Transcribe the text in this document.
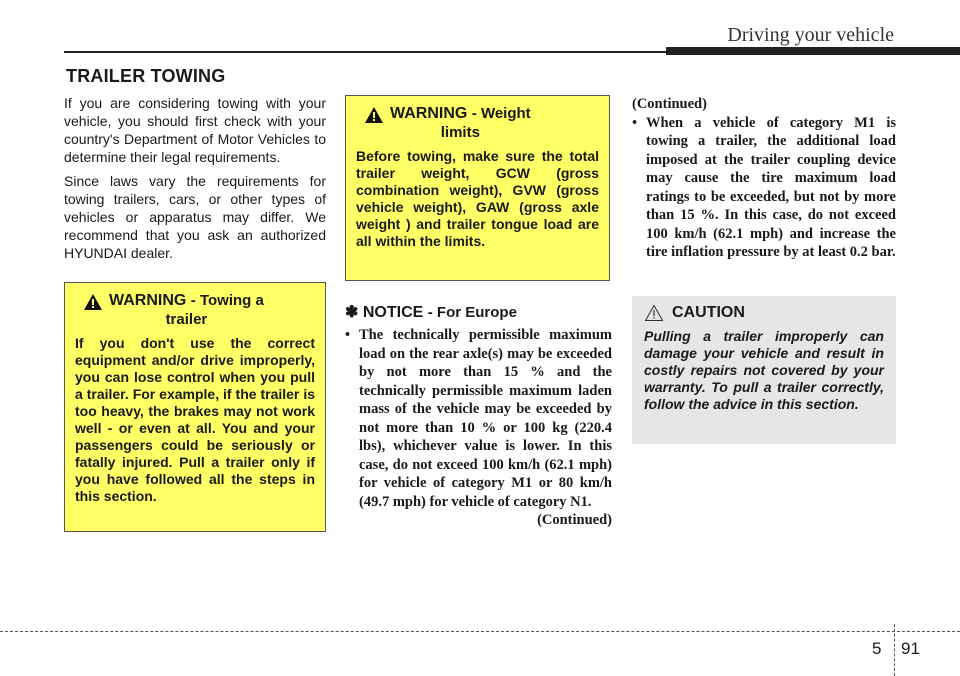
Driving your vehicle
TRAILER TOWING

If you are considering towing with your vehicle, you should first check with your country's Department of Motor Vehicles to determine their legal requirements.

Since laws vary the requirements for towing trailers, cars, or other types of vehicles or apparatus may differ. We recommend that you ask an authorized HYUNDAI dealer.

WARNING - Towing a
trailer
If you don't use the correct equipment and/or drive improperly, you can lose control when you pull a trailer. For example, if the trailer is too heavy, the brakes may not work well - or even at all. You and your passengers could be seriously or fatally injured. Pull a trailer only if you have followed all the steps in this section.
WARNING - Weight
limits
Before towing, make sure the total trailer weight, GCW (gross combination weight), GVW (gross vehicle weight), GAW (gross axle weight ) and trailer tongue load are all within the limits.
✽ NOTICE - For Europe
• The technically permissible maximum load on the rear axle(s) may be exceeded by not more than 15 % and the technically permissible maximum laden mass of the vehicle may be exceeded by not more than 10 % or 100 kg (220.4 lbs), whichever value is lower. In this case, do not exceed 100 km/h (62.1 mph) for vehicle of category M1 or 80 km/h (49.7 mph) for vehicle of category N1.
(Continued)
(Continued)
• When a vehicle of category M1 is towing a trailer, the additional load imposed at the trailer coupling device may cause the tire maximum load ratings to be exceeded, but not by more than 15 %. In this case, do not exceed 100 km/h (62.1 mph) and increase the tire inflation pressure by at least 0.2 bar.
CAUTION
Pulling a trailer improperly can damage your vehicle and result in costly repairs not covered by your warranty. To pull a trailer correctly, follow the advice in this section.
5 91
